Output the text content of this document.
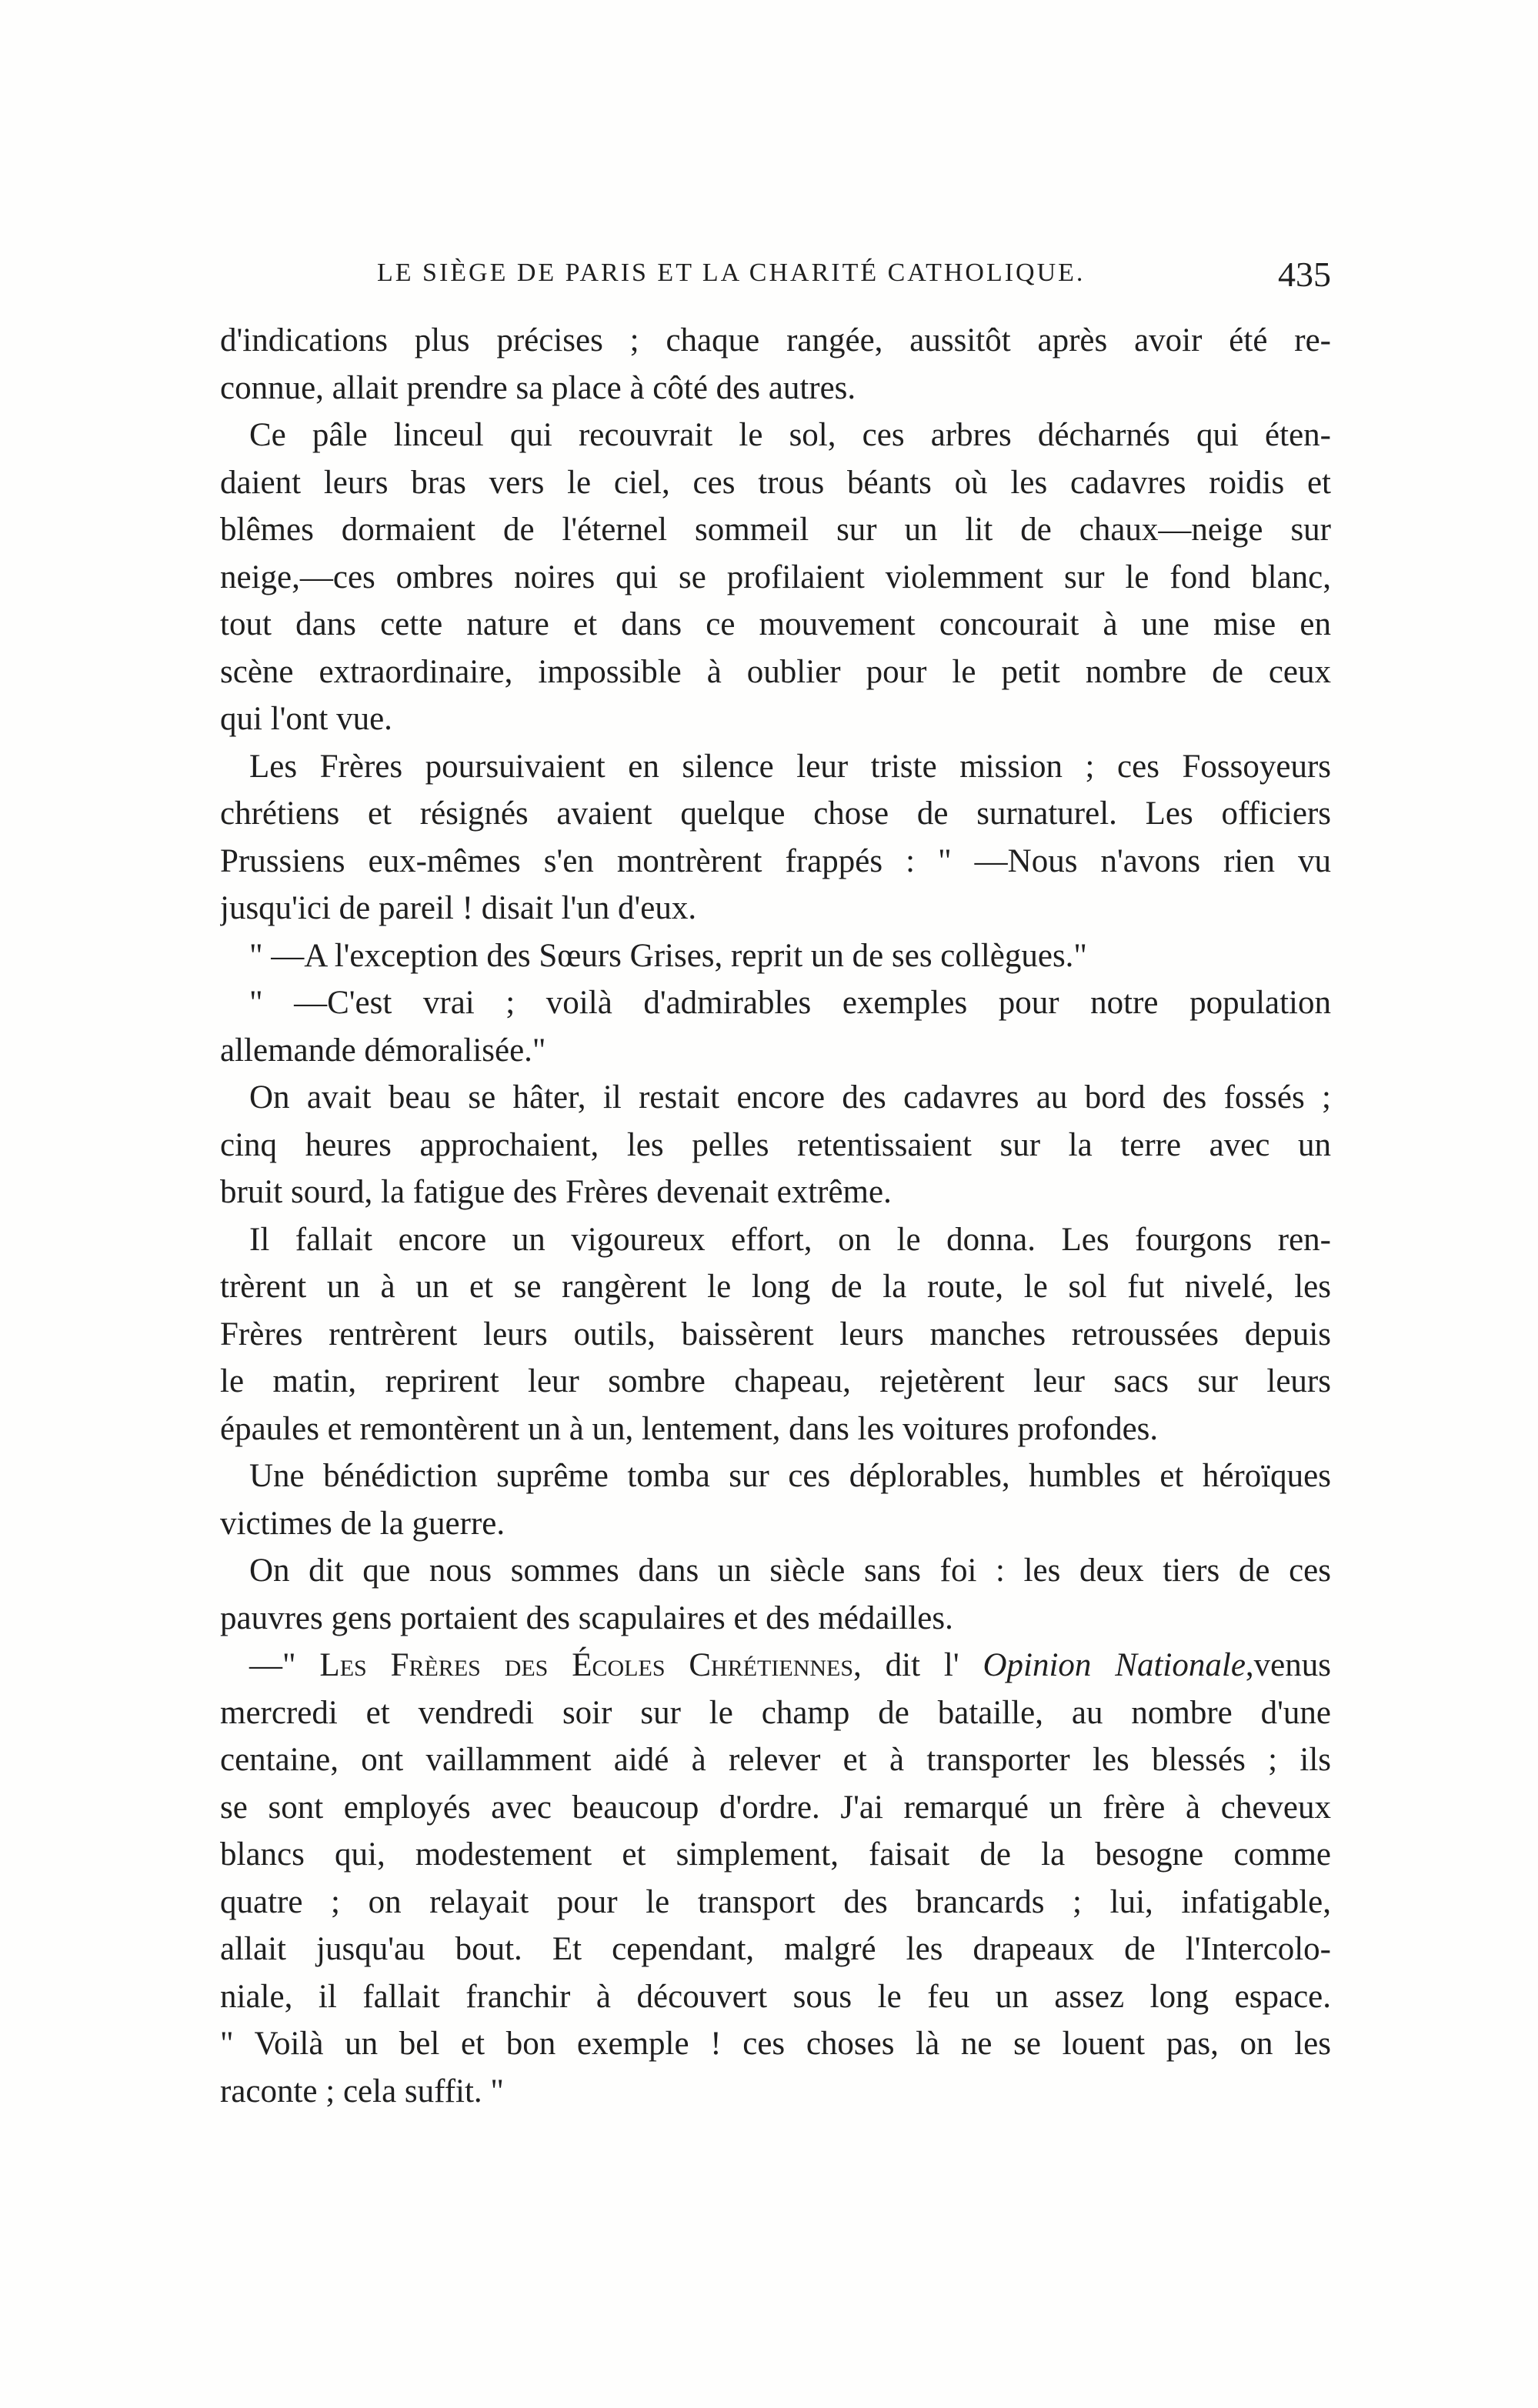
LE SIÈGE DE PARIS ET LA CHARITÉ CATHOLIQUE.	435
d'indications plus précises ; chaque rangée, aussitôt après avoir été re-
connue, allait prendre sa place à côté des autres.
Ce pâle linceul qui recouvrait le sol, ces arbres décharnés qui éten-
daient leurs bras vers le ciel, ces trous béants où les cadavres roidis et
blêmes dormaient de l'éternel sommeil sur un lit de chaux—neige sur
neige,—ces ombres noires qui se profilaient violemment sur le fond blanc,
tout dans cette nature et dans ce mouvement concourait à une mise en
scène extraordinaire, impossible à oublier pour le petit nombre de ceux
qui l'ont vue.
Les Frères poursuivaient en silence leur triste mission ; ces Fossoyeurs
chrétiens et résignés avaient quelque chose de surnaturel. Les officiers
Prussiens eux-mêmes s'en montrèrent frappés : " —Nous n'avons rien vu
jusqu'ici de pareil ! disait l'un d'eux.
" —A l'exception des Sœurs Grises, reprit un de ses collègues."
" —C'est vrai ; voilà d'admirables exemples pour notre population
allemande démoralisée."
On avait beau se hâter, il restait encore des cadavres au bord des fossés ;
cinq heures approchaient, les pelles retentissaient sur la terre avec un
bruit sourd, la fatigue des Frères devenait extrême.
Il fallait encore un vigoureux effort, on le donna. Les fourgons ren-
trèrent un à un et se rangèrent le long de la route, le sol fut nivelé, les
Frères rentrèrent leurs outils, baissèrent leurs manches retroussées depuis
le matin, reprirent leur sombre chapeau, rejetèrent leur sacs sur leurs
épaules et remontèrent un à un, lentement, dans les voitures profondes.
Une bénédiction suprême tomba sur ces déplorables, humbles et héroïques
victimes de la guerre.
On dit que nous sommes dans un siècle sans foi : les deux tiers de ces
pauvres gens portaient des scapulaires et des médailles.
—" Les Frères des Écoles Chrétiennes, dit l' Opinion Nationale,venus
mercredi et vendredi soir sur le champ de bataille, au nombre d'une
centaine, ont vaillamment aidé à relever et à transporter les blessés ; ils
se sont employés avec beaucoup d'ordre. J'ai remarqué un frère à cheveux
blancs qui, modestement et simplement, faisait de la besogne comme
quatre ; on relayait pour le transport des brancards ; lui, infatigable,
allait jusqu'au bout. Et cependant, malgré les drapeaux de l'Intercolo-
niale, il fallait franchir à découvert sous le feu un assez long espace.
" Voilà un bel et bon exemple ! ces choses là ne se louent pas, on les
raconte ; cela suffit. "
